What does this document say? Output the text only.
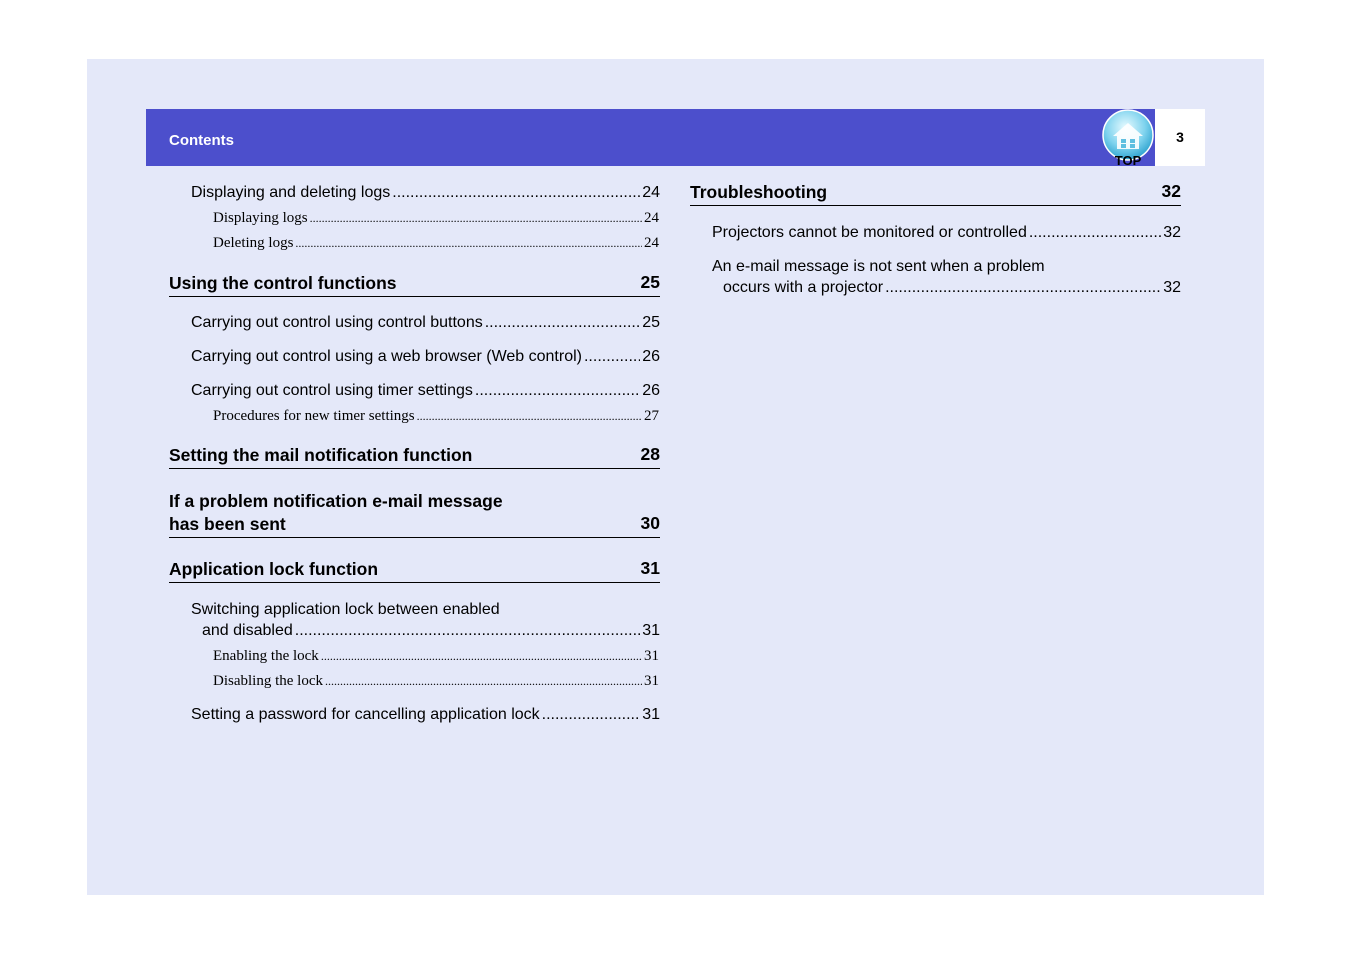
Contents
TOP
3
Displaying and deleting logs .....	24
Displaying logs .....	24
Deleting logs .....	24
Using the control functions	25
Carrying out control using control buttons .....	25
Carrying out control using a web browser (Web control) .....	26
Carrying out control using timer settings .....	26
Procedures for new timer settings .....	27
Setting the mail notification function	28
If a problem notification e-mail message
has been sent	30
Application lock function	31
Switching application lock between enabled
and disabled .....	31
Enabling the lock .....	31
Disabling the lock .....	31
Setting a password for cancelling application lock .....	31
Troubleshooting	32
Projectors cannot be monitored or controlled .....	32
An e-mail message is not sent when a problem
occurs with a projector .....	32
